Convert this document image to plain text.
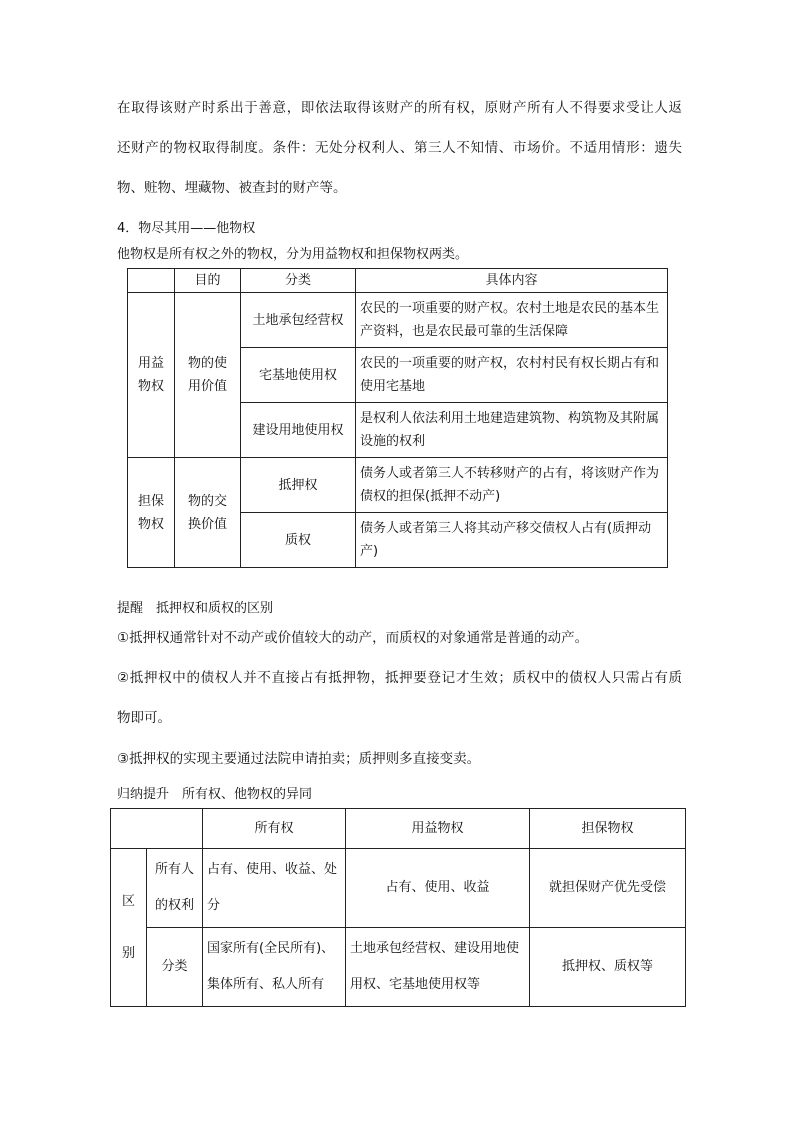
在取得该财产时系出于善意，即依法取得该财产的所有权，原财产所有人不得要求受让人返
还财产的物权取得制度。条件：无处分权利人、第三人不知情、市场价。不适用情形：遗失
物、赃物、埋藏物、被查封的财产等。
4．物尽其用——他物权
他物权是所有权之外的物权，分为用益物权和担保物权两类。
	目的	分类	具体内容
用益物权	物的使用价值	土地承包经营权	农民的一项重要的财产权。农村土地是农民的基本生产资料，也是农民最可靠的生活保障
		宅基地使用权	农民的一项重要的财产权，农村村民有权长期占有和使用宅基地
		建设用地使用权	是权利人依法利用土地建造建筑物、构筑物及其附属设施的权利
担保物权	物的交换价值	抵押权	债务人或者第三人不转移财产的占有，将该财产作为债权的担保(抵押不动产)
		质权	债务人或者第三人将其动产移交债权人占有(质押动产)
提醒　抵押权和质权的区别
①抵押权通常针对不动产或价值较大的动产，而质权的对象通常是普通的动产。
②抵押权中的债权人并不直接占有抵押物，抵押要登记才生效；质权中的债权人只需占有质
物即可。
③抵押权的实现主要通过法院申请拍卖；质押则多直接变卖。
归纳提升　所有权、他物权的异同
		所有权	用益物权	担保物权
区别	所有人的权利	占有、使用、收益、处分	占有、使用、收益	就担保财产优先受偿
	分类	国家所有(全民所有)、集体所有、私人所有	土地承包经营权、建设用地使用权、宅基地使用权等	抵押权、质权等
